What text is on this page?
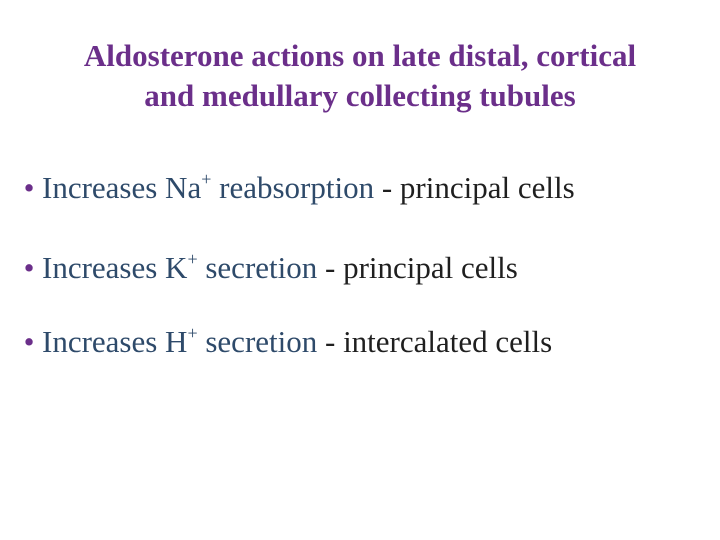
Aldosterone actions on late distal, cortical
and medullary collecting tubules
• Increases Na+ reabsorption - principal cells
• Increases K+ secretion - principal cells
• Increases H+ secretion - intercalated cells
